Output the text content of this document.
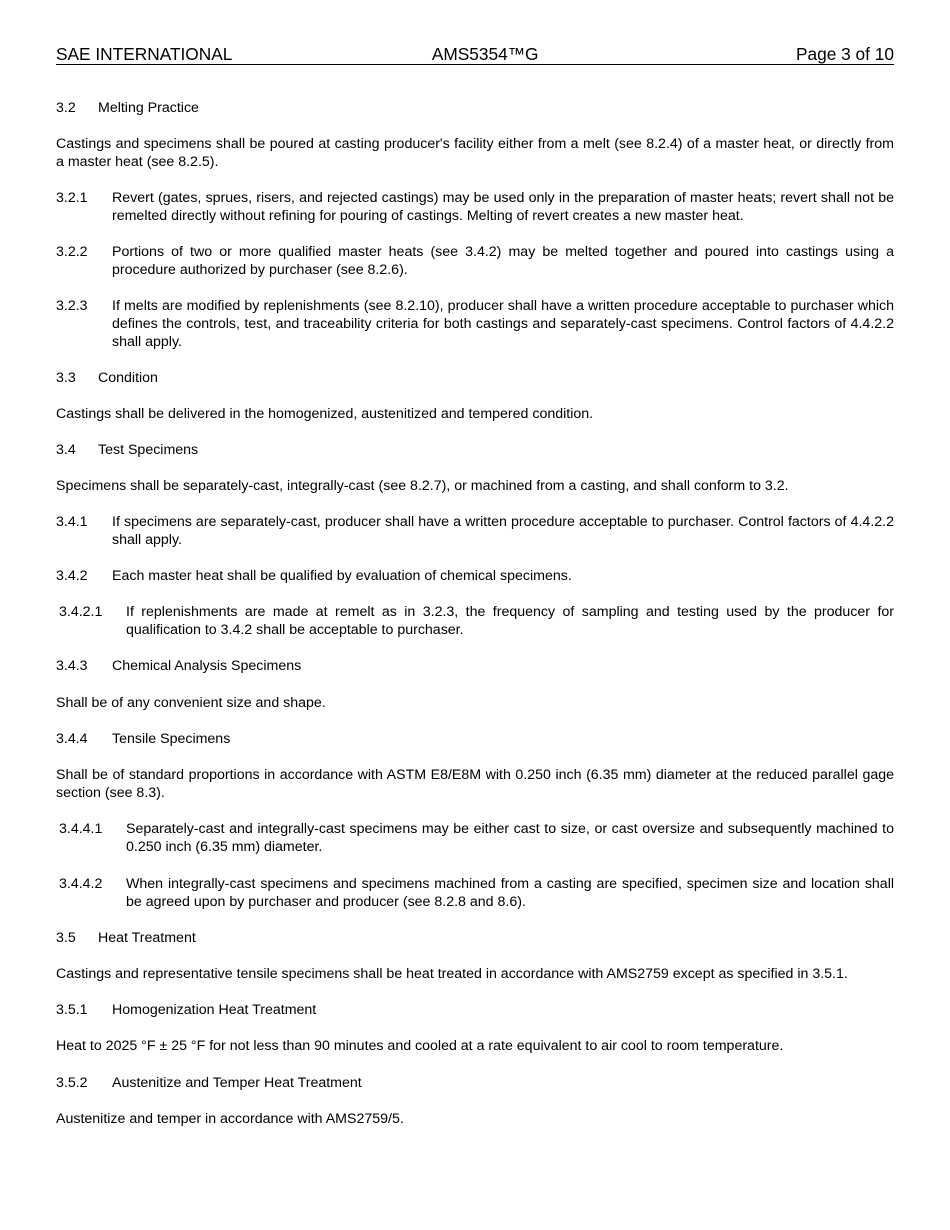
SAE INTERNATIONAL	AMS5354™G	Page 3 of 10
3.2 Melting Practice

Castings and specimens shall be poured at casting producer's facility either from a melt (see 8.2.4) of a master heat, or directly from a master heat (see 8.2.5).

3.2.1	Revert (gates, sprues, risers, and rejected castings) may be used only in the preparation of master heats; revert shall not be remelted directly without refining for pouring of castings. Melting of revert creates a new master heat.
3.2.2	Portions of two or more qualified master heats (see 3.4.2) may be melted together and poured into castings using a procedure authorized by purchaser (see 8.2.6).
3.2.3	If melts are modified by replenishments (see 8.2.10), producer shall have a written procedure acceptable to purchaser which defines the controls, test, and traceability criteria for both castings and separately-cast specimens. Control factors of 4.4.2.2 shall apply.
3.3 Condition

Castings shall be delivered in the homogenized, austenitized and tempered condition.

3.4 Test Specimens

Specimens shall be separately-cast, integrally-cast (see 8.2.7), or machined from a casting, and shall conform to 3.2.

3.4.1	If specimens are separately-cast, producer shall have a written procedure acceptable to purchaser. Control factors of 4.4.2.2 shall apply.
3.4.2	Each master heat shall be qualified by evaluation of chemical specimens.
3.4.2.1	If replenishments are made at remelt as in 3.2.3, the frequency of sampling and testing used by the producer for qualification to 3.4.2 shall be acceptable to purchaser.
3.4.3 Chemical Analysis Specimens

Shall be of any convenient size and shape.

3.4.4 Tensile Specimens

Shall be of standard proportions in accordance with ASTM E8/E8M with 0.250 inch (6.35 mm) diameter at the reduced parallel gage section (see 8.3).

3.4.4.1	Separately-cast and integrally-cast specimens may be either cast to size, or cast oversize and subsequently machined to 0.250 inch (6.35 mm) diameter.
3.4.4.2	When integrally-cast specimens and specimens machined from a casting are specified, specimen size and location shall be agreed upon by purchaser and producer (see 8.2.8 and 8.6).
3.5 Heat Treatment

Castings and representative tensile specimens shall be heat treated in accordance with AMS2759 except as specified in 3.5.1.

3.5.1 Homogenization Heat Treatment

Heat to 2025 °F ± 25 °F for not less than 90 minutes and cooled at a rate equivalent to air cool to room temperature.

3.5.2 Austenitize and Temper Heat Treatment

Austenitize and temper in accordance with AMS2759/5.
